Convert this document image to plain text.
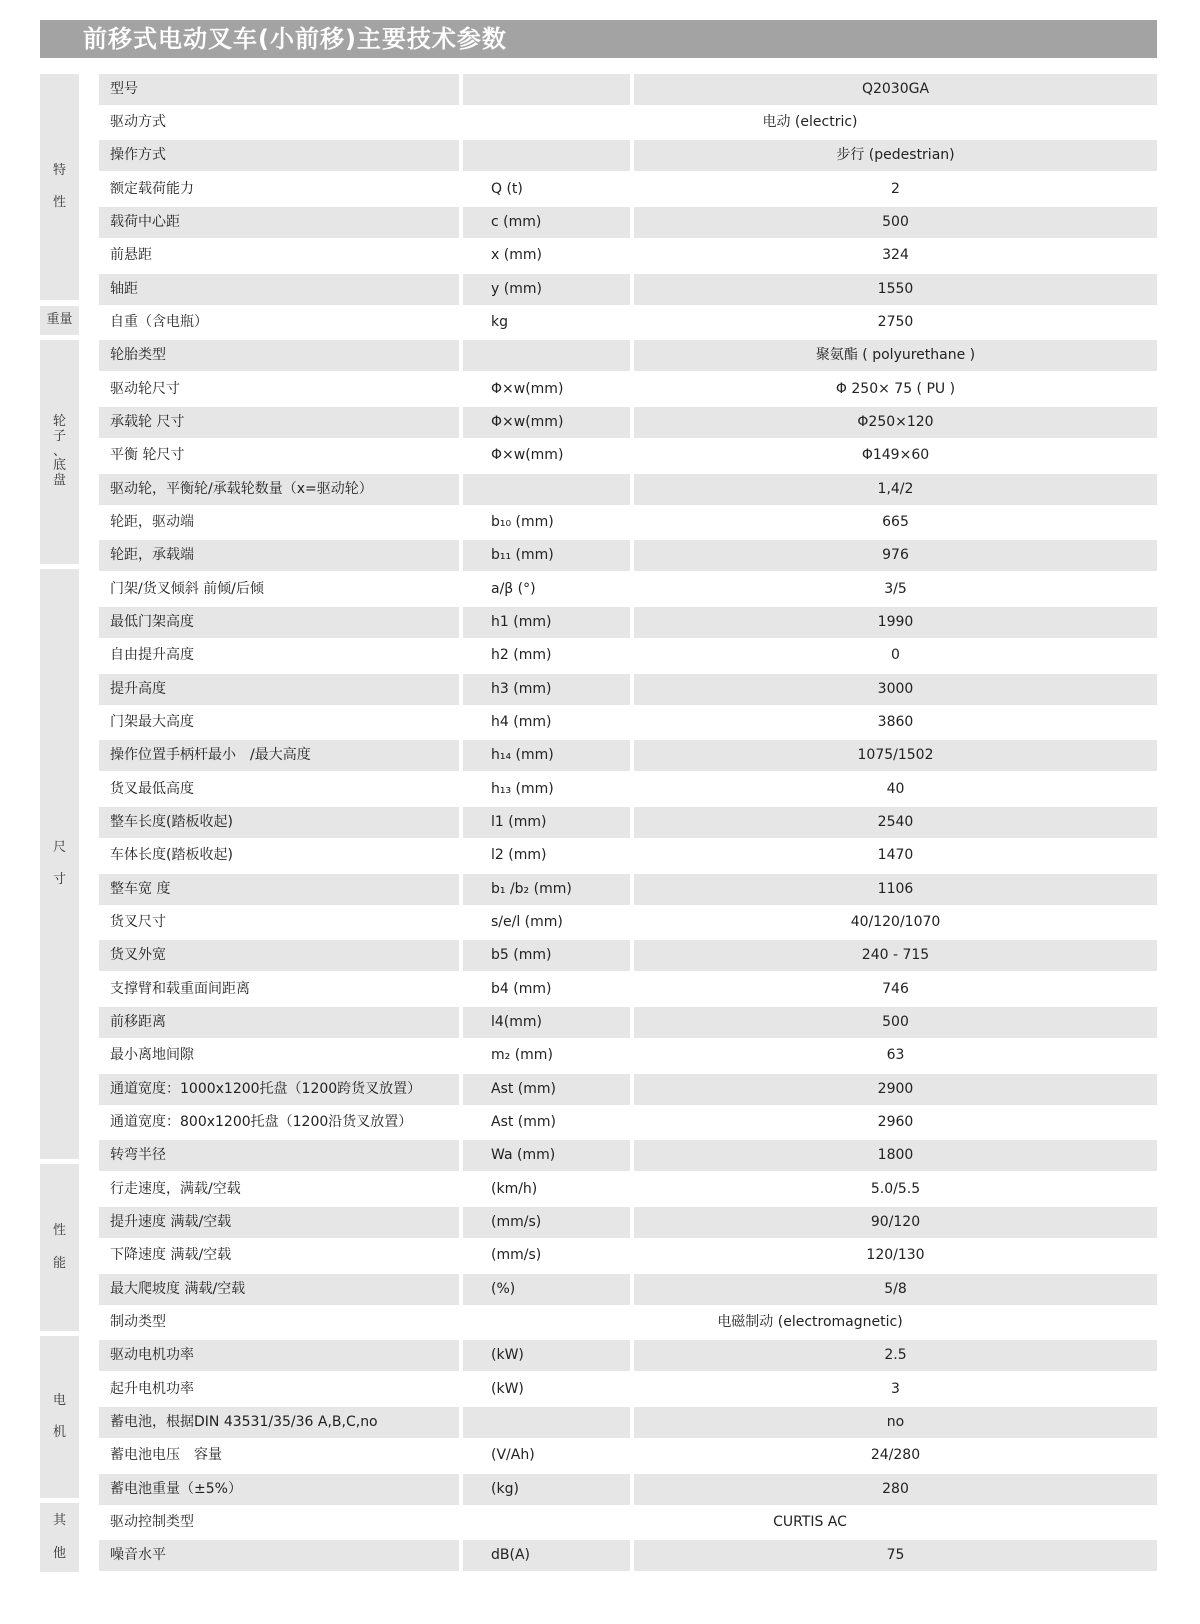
前移式电动叉车(小前移)主要技术参数
特

性
重量
轮
子
、
底
盘
尺

寸
性

能
电

机
其

他
型号	Q2030GA
驱动方式	电动 (electric)
操作方式	步行 (pedestrian)
额定载荷能力	Q (t)	2
载荷中心距	c (mm)	500
前悬距	x (mm)	324
轴距	y (mm)	1550
自重（含电瓶）	kg	2750
轮胎类型	聚氨酯 ( polyurethane )
驱动轮尺寸	Φ×w(mm)	Φ 250× 75 ( PU )
承载轮 尺寸	Φ×w(mm)	Φ250×120
平衡 轮尺寸	Φ×w(mm)	Φ149×60
驱动轮，平衡轮/承载轮数量（x=驱动轮）	1,4/2
轮距，驱动端	b₁₀ (mm)	665
轮距，承载端	b₁₁ (mm)	976
门架/货叉倾斜 前倾/后倾	a/β (°)	3/5
最低门架高度	h1 (mm)	1990
自由提升高度	h2 (mm)	0
提升高度	h3 (mm)	3000
门架最大高度	h4 (mm)	3860
操作位置手柄杆最小　/最大高度	h₁₄ (mm)	1075/1502
货叉最低高度	h₁₃ (mm)	40
整车长度(踏板收起)	l1 (mm)	2540
车体长度(踏板收起)	l2 (mm)	1470
整车宽 度	b₁ /b₂ (mm)	1106
货叉尺寸	s/e/l (mm)	40/120/1070
货叉外宽	b5 (mm)	240 - 715
支撑臂和载重面间距离	b4 (mm)	746
前移距离	l4(mm)	500
最小离地间隙	m₂ (mm)	63
通道宽度：1000x1200托盘（1200跨货叉放置）	Ast (mm)	2900
通道宽度：800x1200托盘（1200沿货叉放置）	Ast (mm)	2960
转弯半径	Wa (mm)	1800
行走速度，满载/空载	(km/h)	5.0/5.5
提升速度 满载/空载	(mm/s)	90/120
下降速度 满载/空载	(mm/s)	120/130
最大爬坡度 满载/空载	(%)	5/8
制动类型	电磁制动 (electromagnetic)
驱动电机功率	(kW)	2.5
起升电机功率	(kW)	3
蓄电池，根据DIN 43531/35/36 A,B,C,no	no
蓄电池电压　容量	(V/Ah)	24/280
蓄电池重量（±5%）	(kg)	280
驱动控制类型	CURTIS AC
噪音水平	dB(A)	75
